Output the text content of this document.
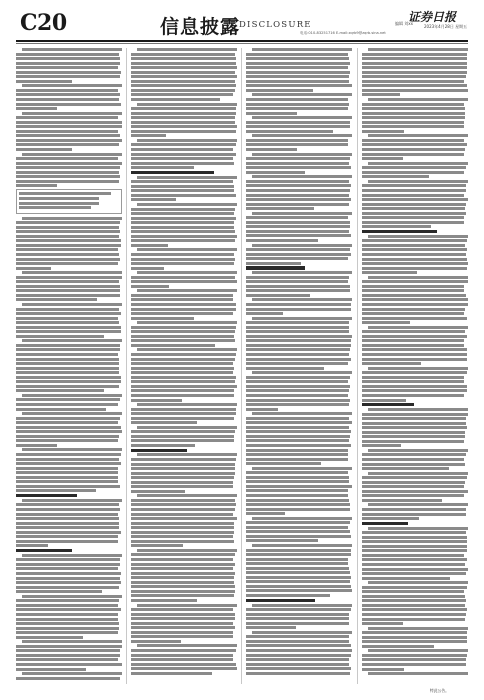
C20	信息披露
DISCLOSURE	编辑 刘xx
证券日报
2023年4月28日 星期五
电话:010-83251716 E-mail:zqrb9@zqrb.sina.net
特此公告。
